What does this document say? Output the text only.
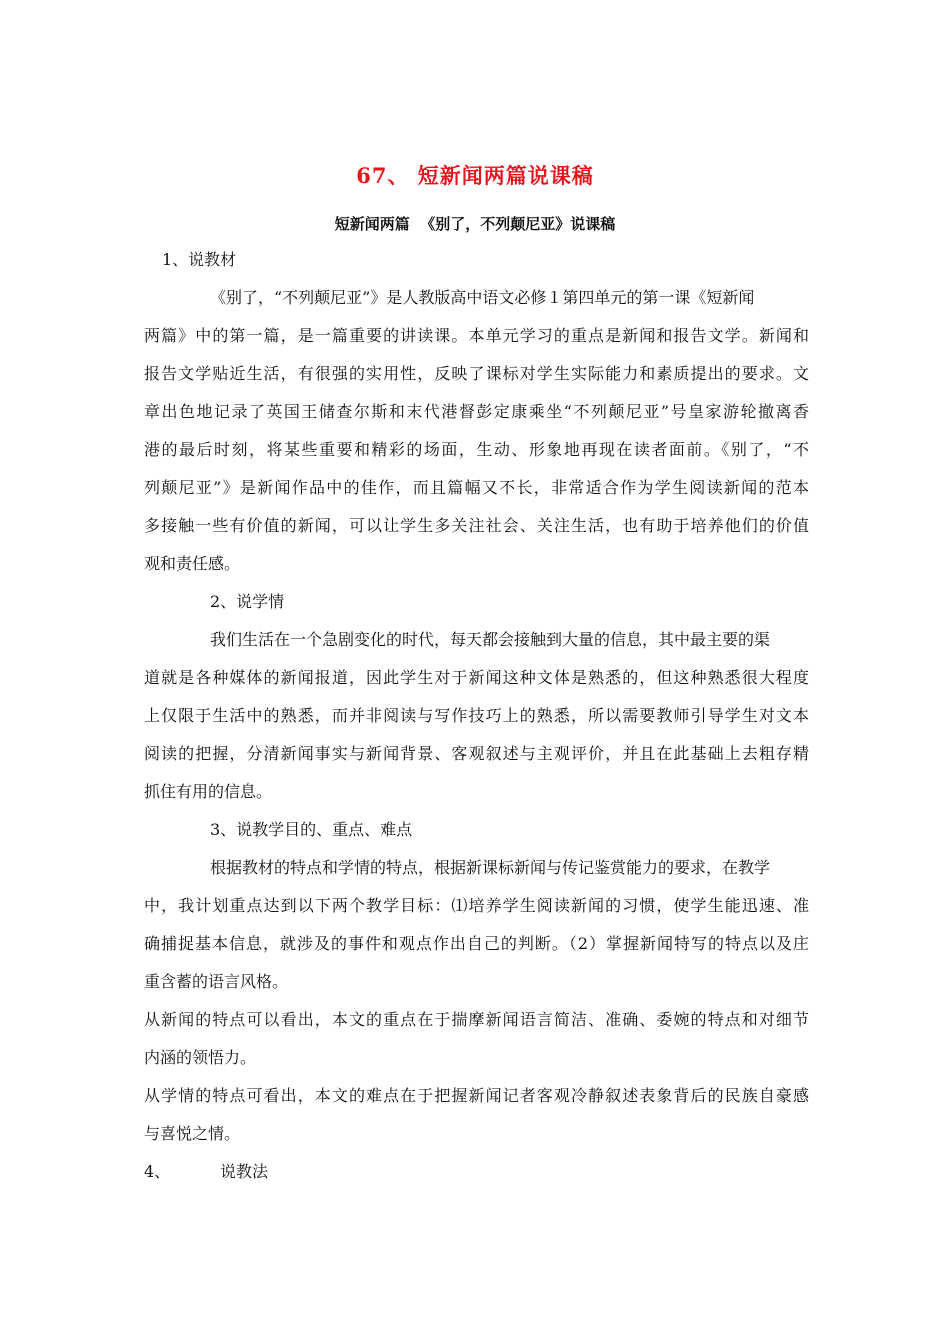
67、 短新闻两篇说课稿
短新闻两篇  《别了，不列颠尼亚》说课稿
1、说教材
《别了，“不列颠尼亚”》是人教版高中语文必修１第四单元的第一课《短新闻
两篇》中的第一篇，是一篇重要的讲读课。本单元学习的重点是新闻和报告文学。新闻和
报告文学贴近生活，有很强的实用性，反映了课标对学生实际能力和素质提出的要求。文
章出色地记录了英国王储查尔斯和末代港督彭定康乘坐“不列颠尼亚”号皇家游轮撤离香
港的最后时刻，将某些重要和精彩的场面，生动、形象地再现在读者面前。《别了，“不
列颠尼亚”》是新闻作品中的佳作，而且篇幅又不长，非常适合作为学生阅读新闻的范本
多接触一些有价值的新闻，可以让学生多关注社会、关注生活，也有助于培养他们的价值
观和责任感。
2、说学情
我们生活在一个急剧变化的时代，每天都会接触到大量的信息，其中最主要的渠
道就是各种媒体的新闻报道，因此学生对于新闻这种文体是熟悉的，但这种熟悉很大程度
上仅限于生活中的熟悉，而并非阅读与写作技巧上的熟悉，所以需要教师引导学生对文本
阅读的把握，分清新闻事实与新闻背景、客观叙述与主观评价，并且在此基础上去粗存精
抓住有用的信息。
3、说教学目的、重点、难点
根据教材的特点和学情的特点，根据新课标新闻与传记鉴赏能力的要求，在教学
中，我计划重点达到以下两个教学目标：⑴培养学生阅读新闻的习惯，使学生能迅速、准
确捕捉基本信息，就涉及的事件和观点作出自己的判断。（2）掌握新闻特写的特点以及庄
重含蓄的语言风格。
从新闻的特点可以看出，本文的重点在于揣摩新闻语言简洁、准确、委婉的特点和对细节
内涵的领悟力。
从学情的特点可看出，本文的难点在于把握新闻记者客观冷静叙述表象背后的民族自豪感
与喜悦之情。
4、	说教法
